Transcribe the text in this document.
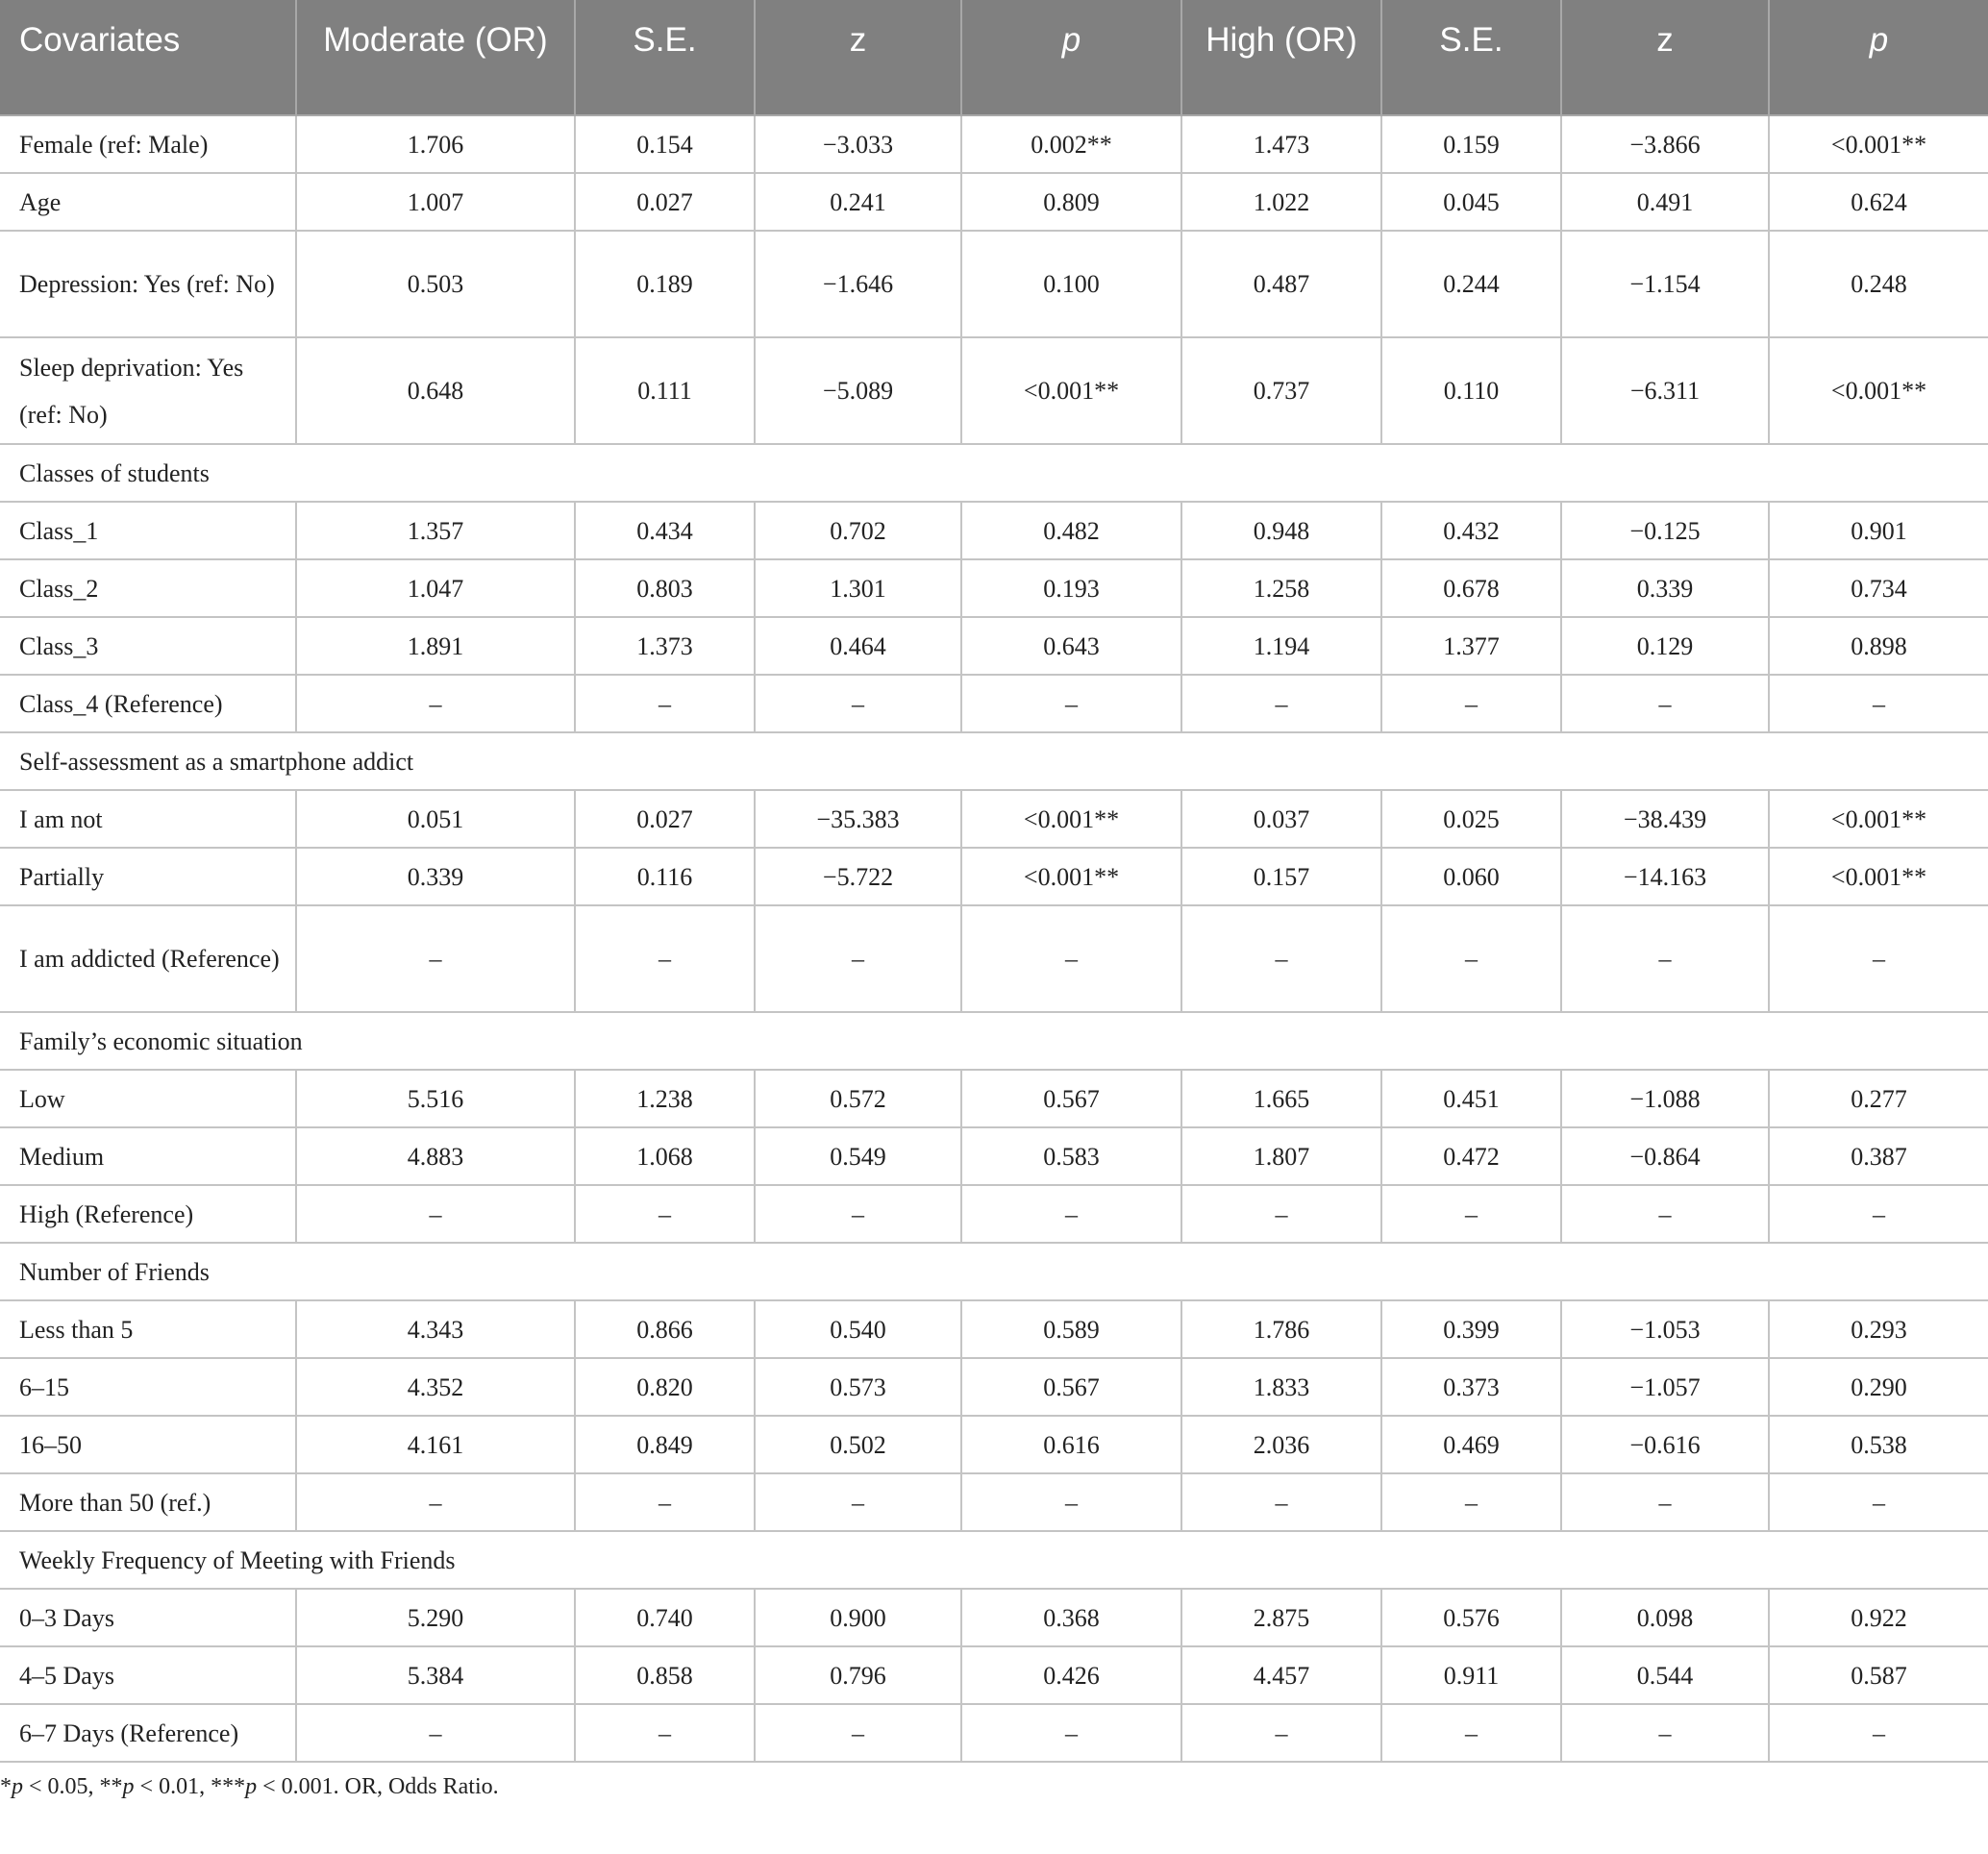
Covariates	Moderate (OR)	S.E.	z	p	High (OR)	S.E.	z	p
Female (ref: Male)	1.706	0.154	−3.033	0.002**	1.473	0.159	−3.866	<0.001**
Age	1.007	0.027	0.241	0.809	1.022	0.045	0.491	0.624
Depression: Yes (ref: No)	0.503	0.189	−1.646	0.100	0.487	0.244	−1.154	0.248
Sleep deprivation: Yes (ref: No)	0.648	0.111	−5.089	<0.001**	0.737	0.110	−6.311	<0.001**
Classes of students								
Class_1	1.357	0.434	0.702	0.482	0.948	0.432	−0.125	0.901
Class_2	1.047	0.803	1.301	0.193	1.258	0.678	0.339	0.734
Class_3	1.891	1.373	0.464	0.643	1.194	1.377	0.129	0.898
Class_4 (Reference)	–	–	–	–	–	–	–	–
Self-assessment as a smartphone addict								
I am not	0.051	0.027	−35.383	<0.001**	0.037	0.025	−38.439	<0.001**
Partially	0.339	0.116	−5.722	<0.001**	0.157	0.060	−14.163	<0.001**
I am addicted (Reference)	–	–	–	–	–	–	–	–
Family’s economic situation								
Low	5.516	1.238	0.572	0.567	1.665	0.451	−1.088	0.277
Medium	4.883	1.068	0.549	0.583	1.807	0.472	−0.864	0.387
High (Reference)	–	–	–	–	–	–	–	–
Number of Friends								
Less than 5	4.343	0.866	0.540	0.589	1.786	0.399	−1.053	0.293
6–15	4.352	0.820	0.573	0.567	1.833	0.373	−1.057	0.290
16–50	4.161	0.849	0.502	0.616	2.036	0.469	−0.616	0.538
More than 50 (ref.)	–	–	–	–	–	–	–	–
Weekly Frequency of Meeting with Friends								
0–3 Days	5.290	0.740	0.900	0.368	2.875	0.576	0.098	0.922
4–5 Days	5.384	0.858	0.796	0.426	4.457	0.911	0.544	0.587
6–7 Days (Reference)	–	–	–	–	–	–	–	–

*p < 0.05, **p < 0.01, ***p < 0.001. OR, Odds Ratio.
